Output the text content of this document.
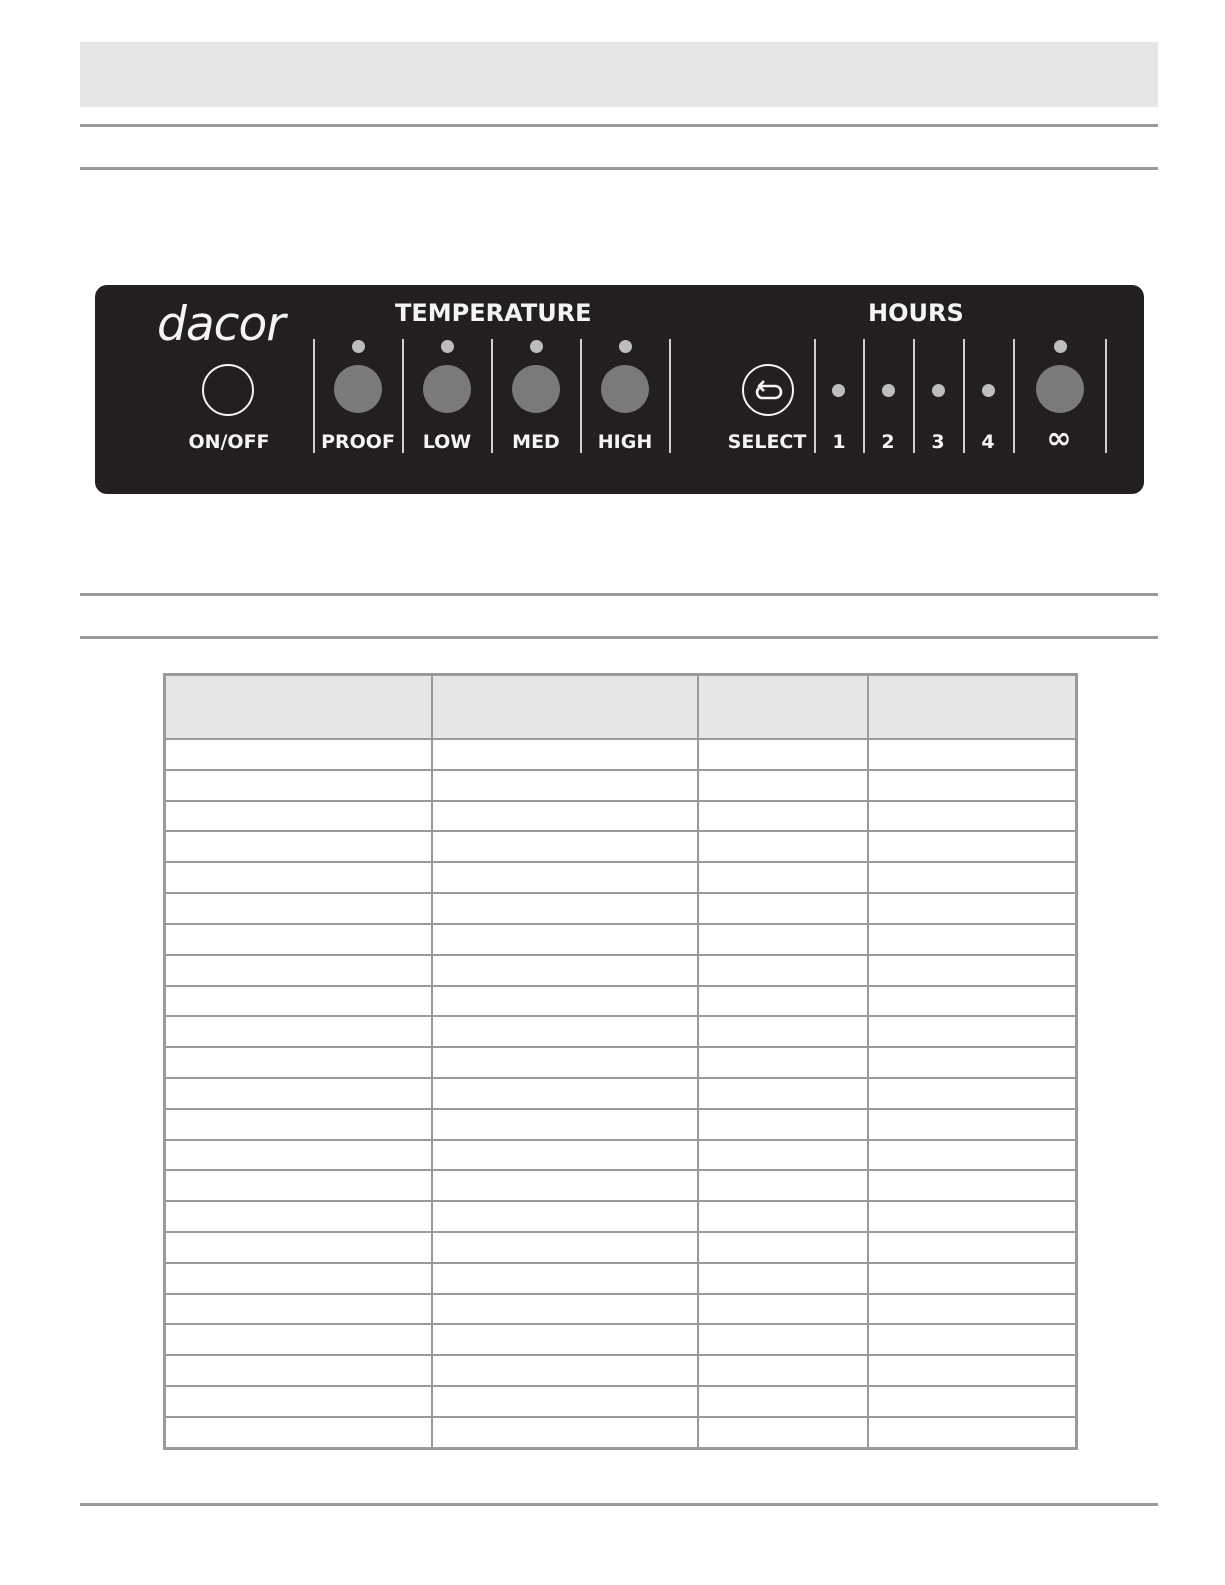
dacor	TEMPERATURE	HOURS
ON/OFF	PROOF	LOW	MED	HIGH	SELECT	1	2	3	4	∞
